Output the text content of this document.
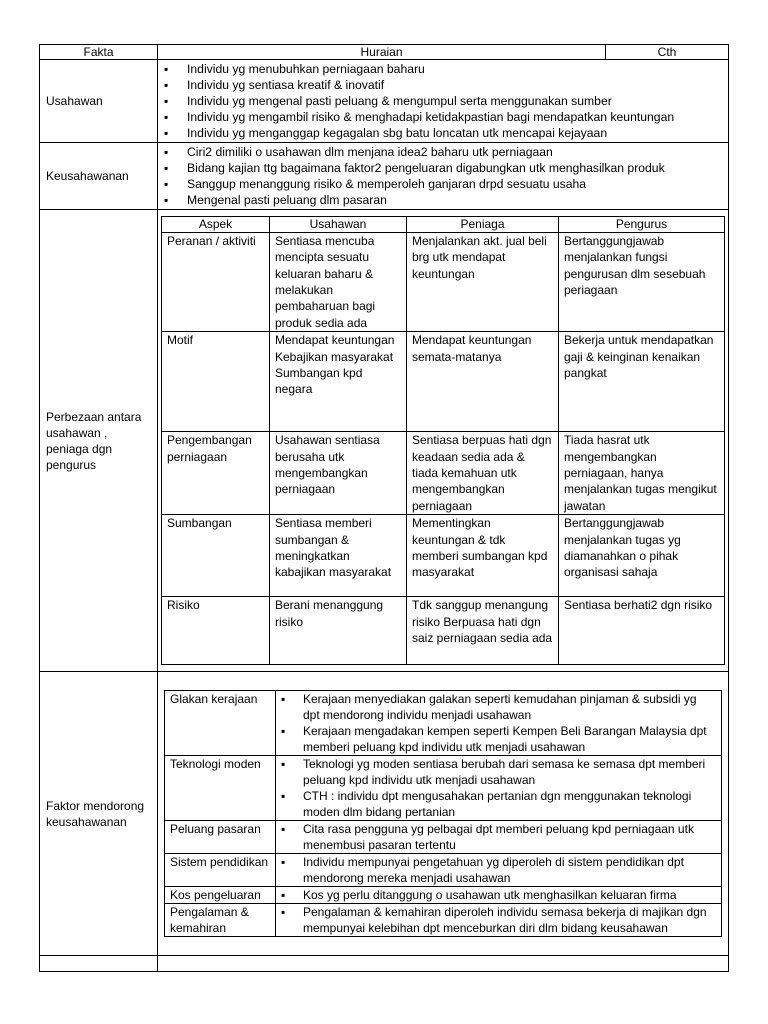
Fakta	Huraian	Cth
Usahawan	
▪ Individu yg menubuhkan perniagaan baharu
▪ Individu yg sentiasa kreatif & inovatif
▪ Individu yg mengenal pasti peluang & mengumpul serta menggunakan sumber
▪ Individu yg mengambil risiko & menghadapi ketidakpastian bagi mendapatkan keuntungan
▪ Individu yg menganggap kegagalan sbg batu loncatan utk mencapai kejayaan

Keusahawanan	
▪ Ciri2 dimiliki o usahawan dlm menjana idea2 baharu utk perniagaan
▪ Bidang kajian ttg bagaimana faktor2 pengeluaran digabungkan utk menghasilkan produk
▪ Sanggup menanggung risiko & memperoleh ganjaran drpd sesuatu usaha
▪ Mengenal pasti peluang dlm pasaran

Perbezaan antara usahawan , peniaga dgn pengurus	
Aspek	Usahawan	Peniaga	Pengurus
Peranan / aktiviti	Sentiasa mencuba mencipta sesuatu keluaran baharu & melakukan pembaharuan bagi produk sedia ada	Menjalankan akt. jual beli brg utk mendapat keuntungan	Bertanggungjawab menjalankan fungsi pengurusan dlm sesebuah periagaan
Motif	Mendapat keuntungan Kebajikan masyarakat Sumbangan kpd negara	Mendapat keuntungan semata-matanya	Bekerja untuk mendapatkan gaji & keinginan kenaikan pangkat
Pengembangan perniagaan	Usahawan sentiasa berusaha utk mengembangkan perniagaan	Sentiasa berpuas hati dgn keadaan sedia ada & tiada kemahuan utk mengembangkan perniagaan	Tiada hasrat utk mengembangkan perniagaan, hanya menjalankan tugas mengikut jawatan
Sumbangan	Sentiasa memberi sumbangan & meningkatkan kabajikan masyarakat	Mementingkan keuntungan & tdk memberi sumbangan kpd masyarakat	Bertanggungjawab menjalankan tugas yg diamanahkan o pihak organisasi sahaja
Risiko	Berani menanggung risiko	Tdk sanggup menangung risiko Berpuasa hati dgn saiz perniagaan sedia ada	Sentiasa berhati2 dgn risiko

Faktor mendorong keusahawanan	
Glakan kerajaan	
▪Kerajaan menyediakan galakan seperti kemudahan pinjaman & subsidi yg dpt mendorong individu menjadi usahawan
▪ Kerajaan mengadakan kempen seperti Kempen Beli Barangan Malaysia dpt memberi peluang kpd individu utk menjadi usahawan

Teknologi moden	
▪Teknologi yg moden sentiasa berubah dari semasa ke semasa dpt memberi peluang kpd individu utk menjadi usahawan
▪ CTH : individu dpt mengusahakan pertanian dgn menggunakan teknologi moden dlm bidang pertanian

Peluang pasaran	
▪Cita rasa pengguna yg pelbagai dpt memberi peluang kpd perniagaan utk menembusi pasaran tertentu

Sistem pendidikan	
▪Individu mempunyai pengetahuan yg diperoleh di sistem pendidikan dpt mendorong mereka menjadi usahawan

Kos pengeluaran	
▪Kos yg perlu ditanggung o usahawan utk menghasilkan keluaran firma

Pengalaman & kemahiran	
▪ Pengalaman & kemahiran diperoleh individu semasa bekerja di majikan dgn mempunyai kelebihan dpt menceburkan diri dlm bidang keusahawan
